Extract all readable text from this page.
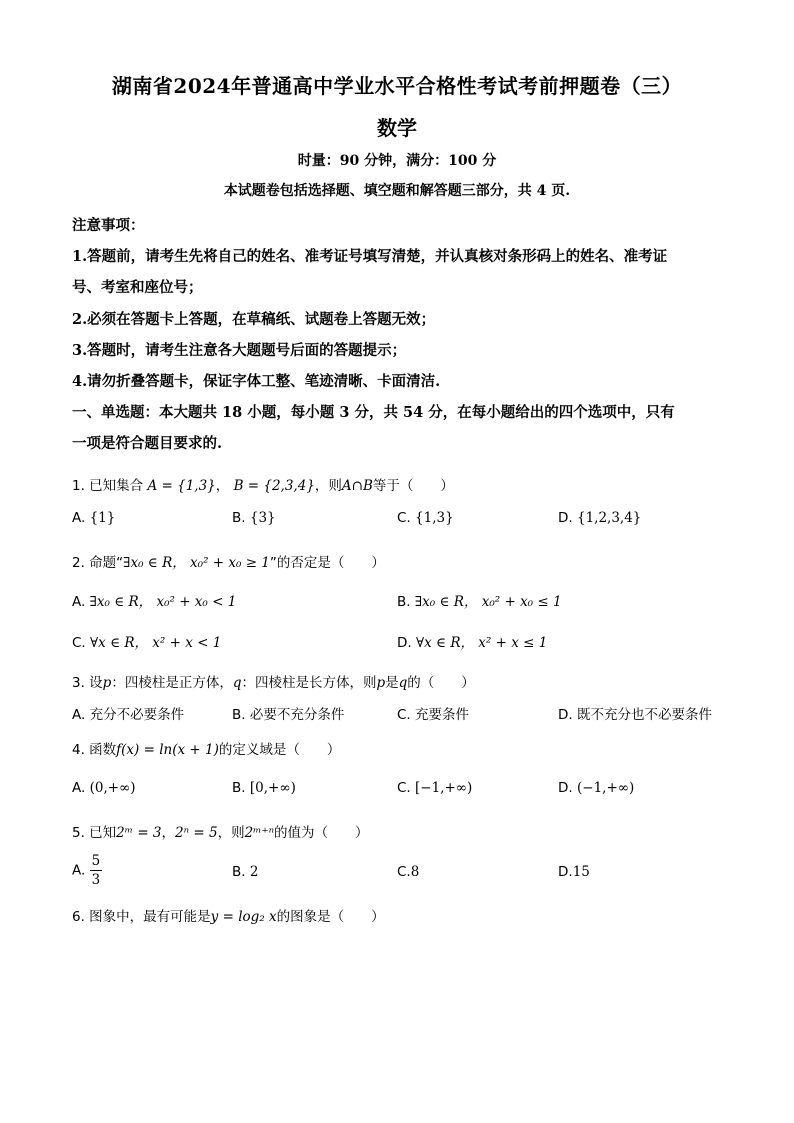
湖南省2024年普通高中学业水平合格性考试考前押题卷（三）
数学
时量：90 分钟，满分：100 分
本试题卷包括选择题、填空题和解答题三部分，共 4 页.
注意事项：
1.答题前，请考生先将自己的姓名、准考证号填写清楚，并认真核对条形码上的姓名、准考证
号、考室和座位号；
2.必须在答题卡上答题，在草稿纸、试题卷上答题无效；
3.答题时，请考生注意各大题题号后面的答题提示；
4.请勿折叠答题卡，保证字体工整、笔迹清晰、卡面清洁.
一、单选题：本大题共 18 小题，每小题 3 分，共 54 分，在每小题给出的四个选项中，只有
一项是符合题目要求的.
1. 已知集合 A = {1,3}， B = {2,3,4}，则A∩B等于（　　）
A. {1}	B. {3}	C. {1,3}	D. {1,2,3,4}
2. 命题“∃x₀ ∈ R， x₀² + x₀ ≥ 1”的否定是（　　）
A. ∃x₀ ∈ R， x₀² + x₀ < 1	B. ∃x₀ ∈ R， x₀² + x₀ ≤ 1
C. ∀x ∈ R， x² + x < 1	D. ∀x ∈ R， x² + x ≤ 1
3. 设p：四棱柱是正方体，q：四棱柱是长方体，则p是q的（　　）
A. 充分不必要条件	B. 必要不充分条件	C. 充要条件	D. 既不充分也不必要条件
4. 函数f(x) = ln(x + 1)的定义域是（　　）
A. (0,+∞)	B. [0,+∞)	C. [−1,+∞)	D. (−1,+∞)
5. 已知2ᵐ = 3，2ⁿ = 5，则2ᵐ⁺ⁿ的值为（　　）
A. $\frac{5}{3}$	B. 2	C.8	D.15
6. 图象中，最有可能是y = log₂ x的图象是（　　）
